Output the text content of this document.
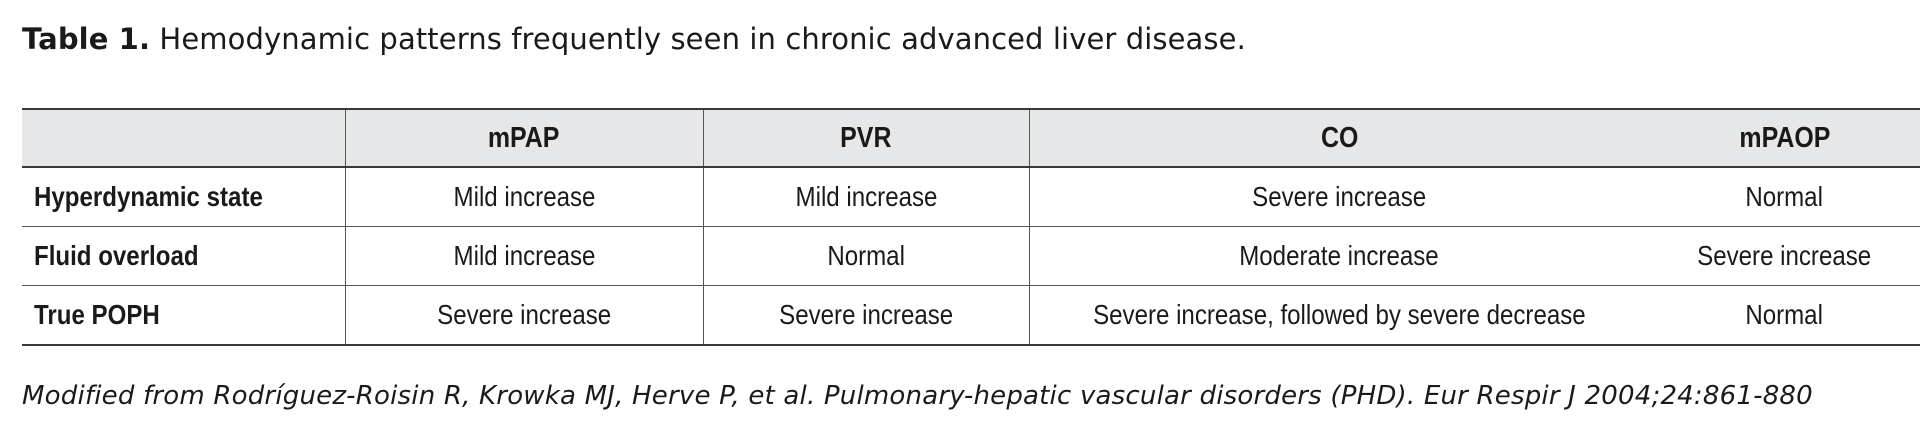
Table 1. Hemodynamic patterns frequently seen in chronic advanced liver disease.
	mPAP	PVR	CO	mPAOP
Hyperdynamic state	Mild increase	Mild increase	Severe increase	Normal
Fluid overload	Mild increase	Normal	Moderate increase	Severe increase
True POPH	Severe increase	Severe increase	Severe increase, followed by severe decrease	Normal
Modified from Rodríguez-Roisin R, Krowka MJ, Herve P, et al. Pulmonary-hepatic vascular disorders (PHD). Eur Respir J 2004;24:861-880
